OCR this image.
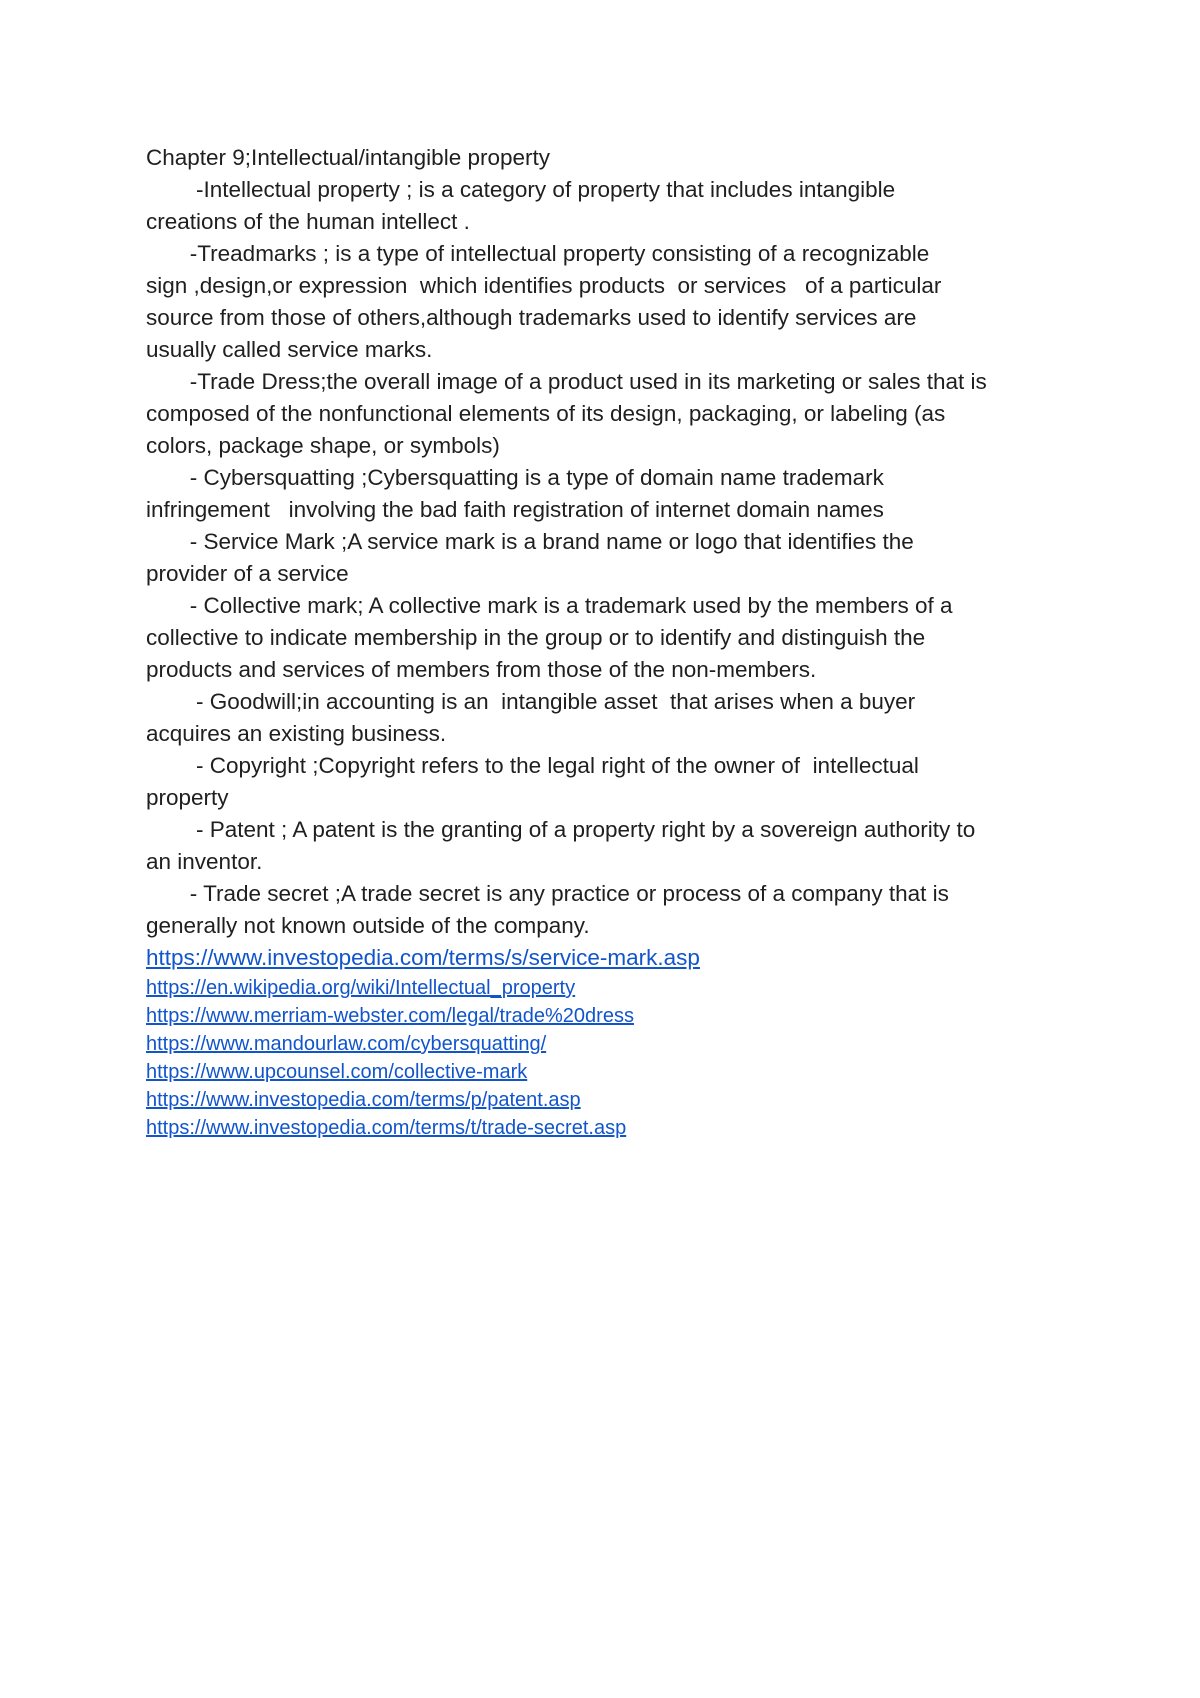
Chapter 9;Intellectual/intangible property

-Intellectual property ; is a category of property that includes intangible
creations of the human intellect .
-Treadmarks ; is a type of intellectual property consisting of a recognizable
sign ,design,or expression  which identifies products  or services   of a particular
source from those of others,although trademarks used to identify services are
usually called service marks.
-Trade Dress;the overall image of a product used in its marketing or sales that is
composed of the nonfunctional elements of its design, packaging, or labeling (as
colors, package shape, or symbols)
- Cybersquatting ;Cybersquatting is a type of domain name trademark
infringement   involving the bad faith registration of internet domain names
- Service Mark ;A service mark is a brand name or logo that identifies the
provider of a service
- Collective mark; A collective mark is a trademark used by the members of a
collective to indicate membership in the group or to identify and distinguish the
products and services of members from those of the non-members.
- Goodwill;in accounting is an  intangible asset  that arises when a buyer
acquires an existing business.
- Copyright ;Copyright refers to the legal right of the owner of  intellectual
property
- Patent ; A patent is the granting of a property right by a sovereign authority to
an inventor.
- Trade secret ;A trade secret is any practice or process of a company that is
generally not known outside of the company.
https://www.investopedia.com/terms/s/service-mark.asp
https://en.wikipedia.org/wiki/Intellectual_property
https://www.merriam-webster.com/legal/trade%20dress
https://www.mandourlaw.com/cybersquatting/
https://www.upcounsel.com/collective-mark
https://www.investopedia.com/terms/p/patent.asp
https://www.investopedia.com/terms/t/trade-secret.asp
